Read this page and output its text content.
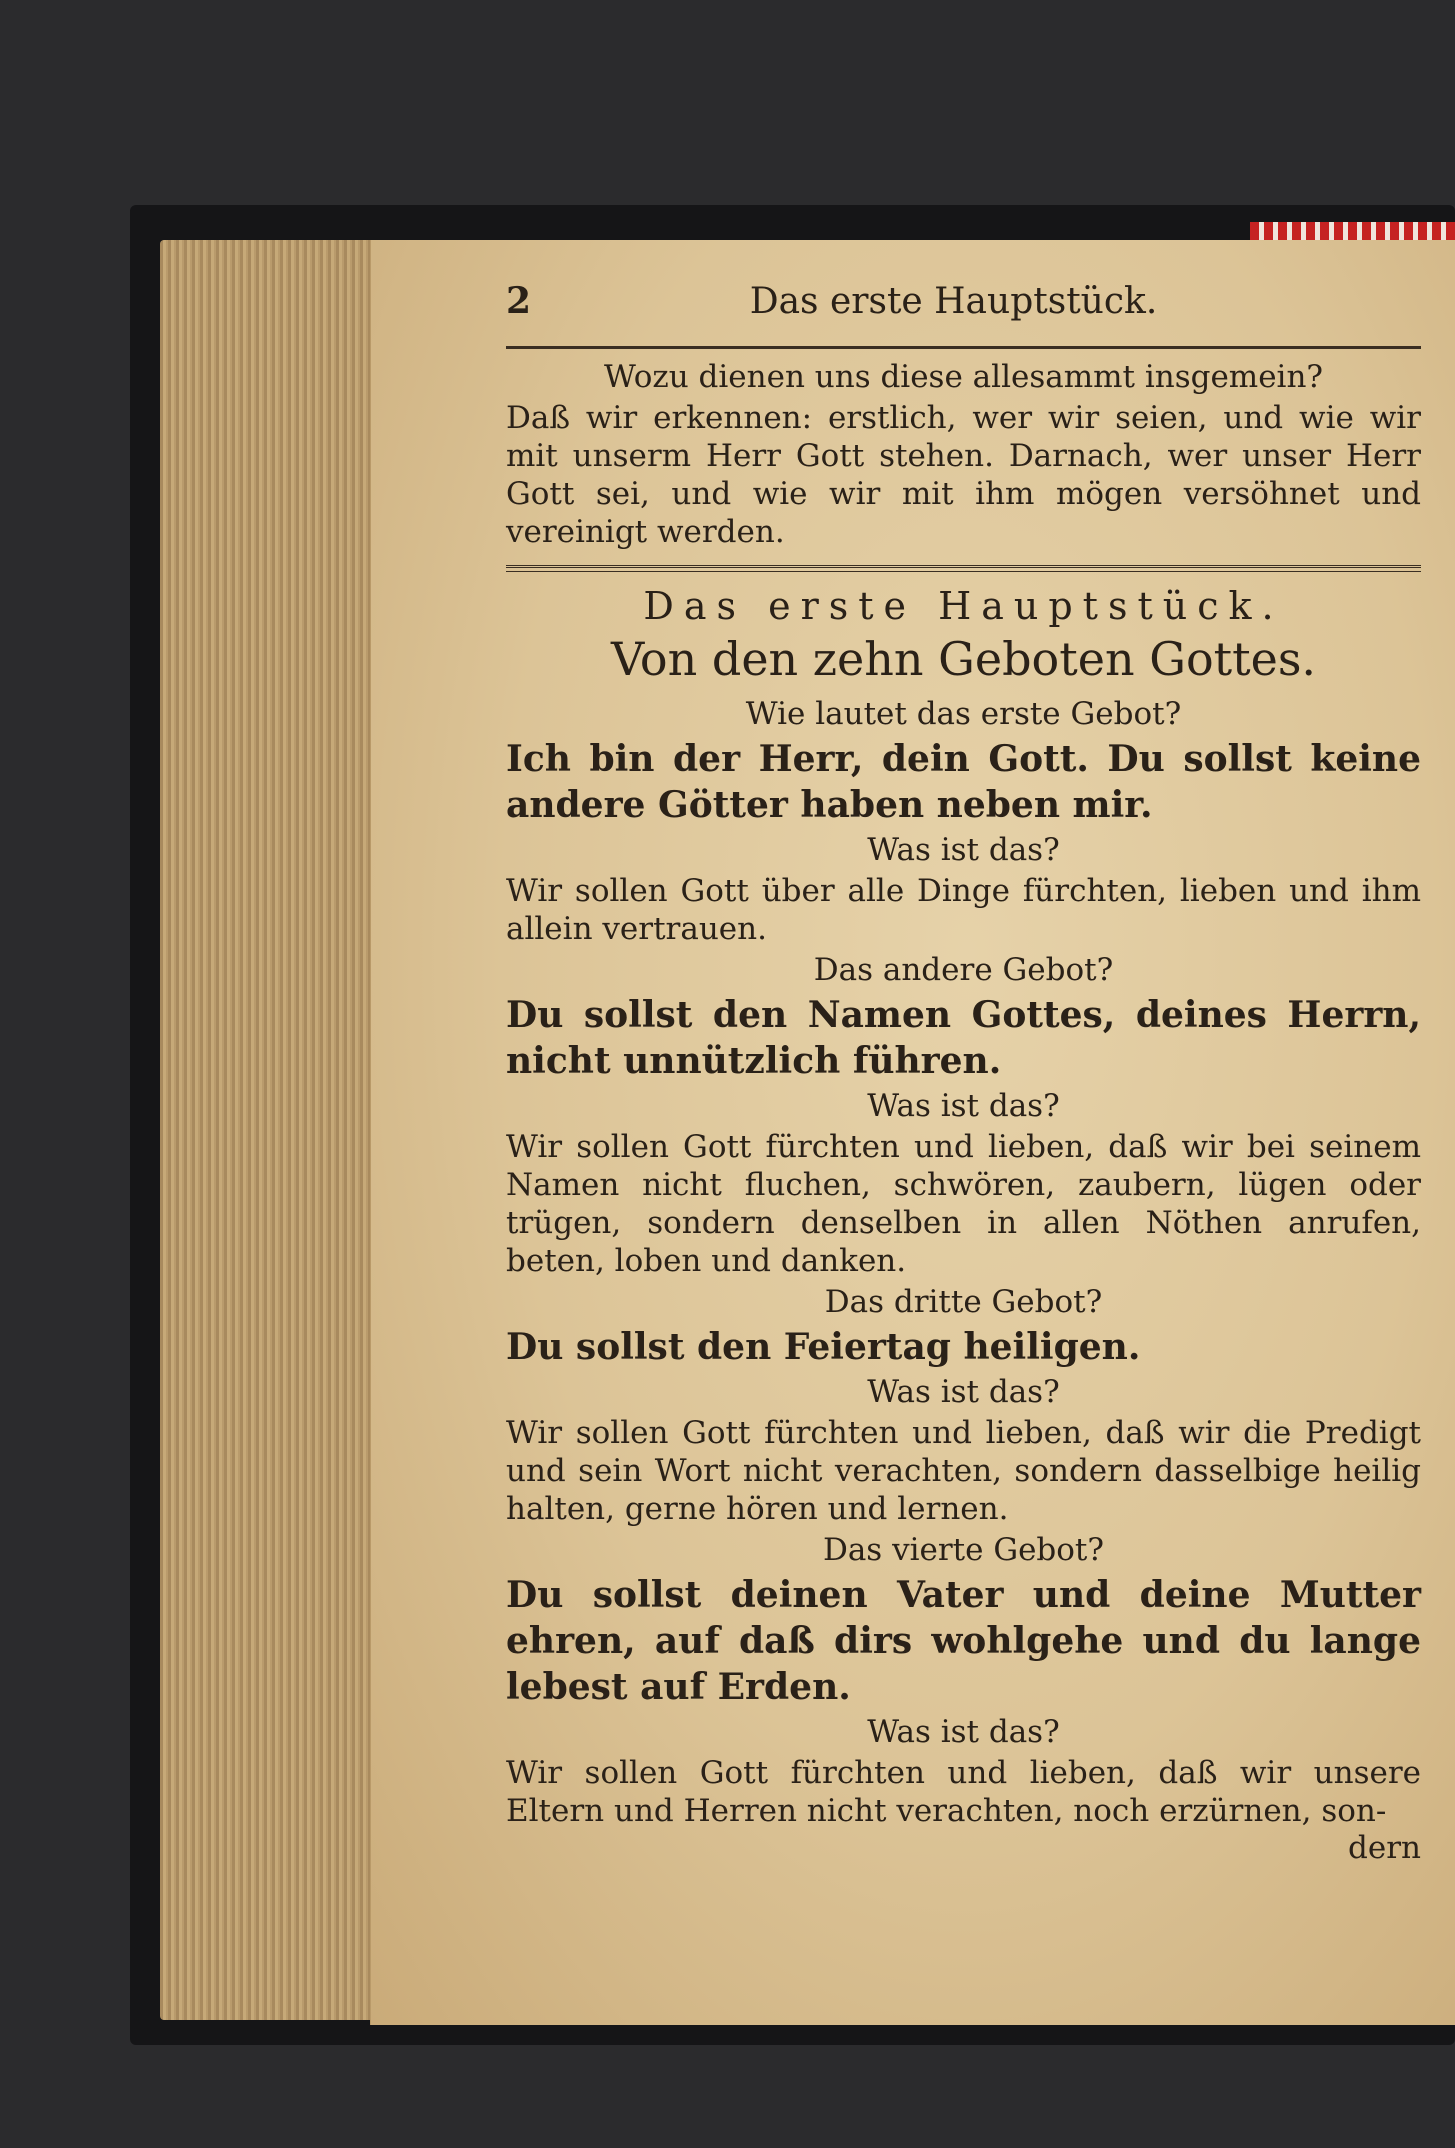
2	Das erste Hauptstück.
Wozu dienen uns diese allesammt insgemein?
Daß wir erkennen: erstlich, wer wir seien, und wie wir mit unserm Herr Gott stehen. Darnach, wer unser Herr Gott sei, und wie wir mit ihm mögen versöhnet und vereinigt werden.
Das erste Hauptstück.
Von den zehn Geboten Gottes.
Wie lautet das erste Gebot?
Ich bin der Herr, dein Gott. Du sollst keine andere Götter haben neben mir.
Was ist das?
Wir sollen Gott über alle Dinge fürchten, lieben und ihm allein vertrauen.
Das andere Gebot?
Du sollst den Namen Gottes, deines Herrn, nicht unnützlich führen.
Was ist das?
Wir sollen Gott fürchten und lieben, daß wir bei seinem Namen nicht fluchen, schwören, zaubern, lügen oder trügen, sondern denselben in allen Nöthen anrufen, beten, loben und danken.
Das dritte Gebot?
Du sollst den Feiertag heiligen.
Was ist das?
Wir sollen Gott fürchten und lieben, daß wir die Predigt und sein Wort nicht verachten, sondern dasselbige heilig halten, gerne hören und lernen.
Das vierte Gebot?
Du sollst deinen Vater und deine Mutter ehren, auf daß dirs wohlgehe und du lange lebest auf Erden.
Was ist das?
Wir sollen Gott fürchten und lieben, daß wir unsere Eltern und Herren nicht verachten, noch erzürnen, son-
dern
